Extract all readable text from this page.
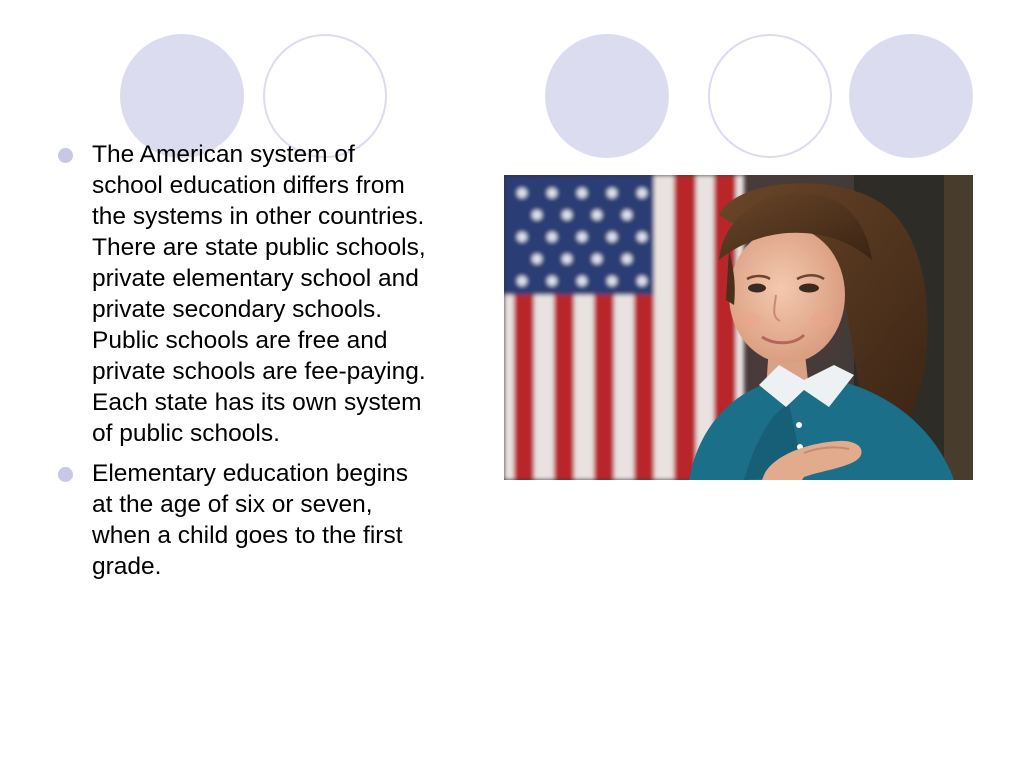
The American system of
school education differs from
the systems in other countries.
There are state public schools,
private elementary school and
private secondary schools.
Public schools are free and
private schools are fee-paying.
Each state has its own system
of public schools.
Elementary education begins
at the age of six or seven,
when a child goes to the first
grade.
